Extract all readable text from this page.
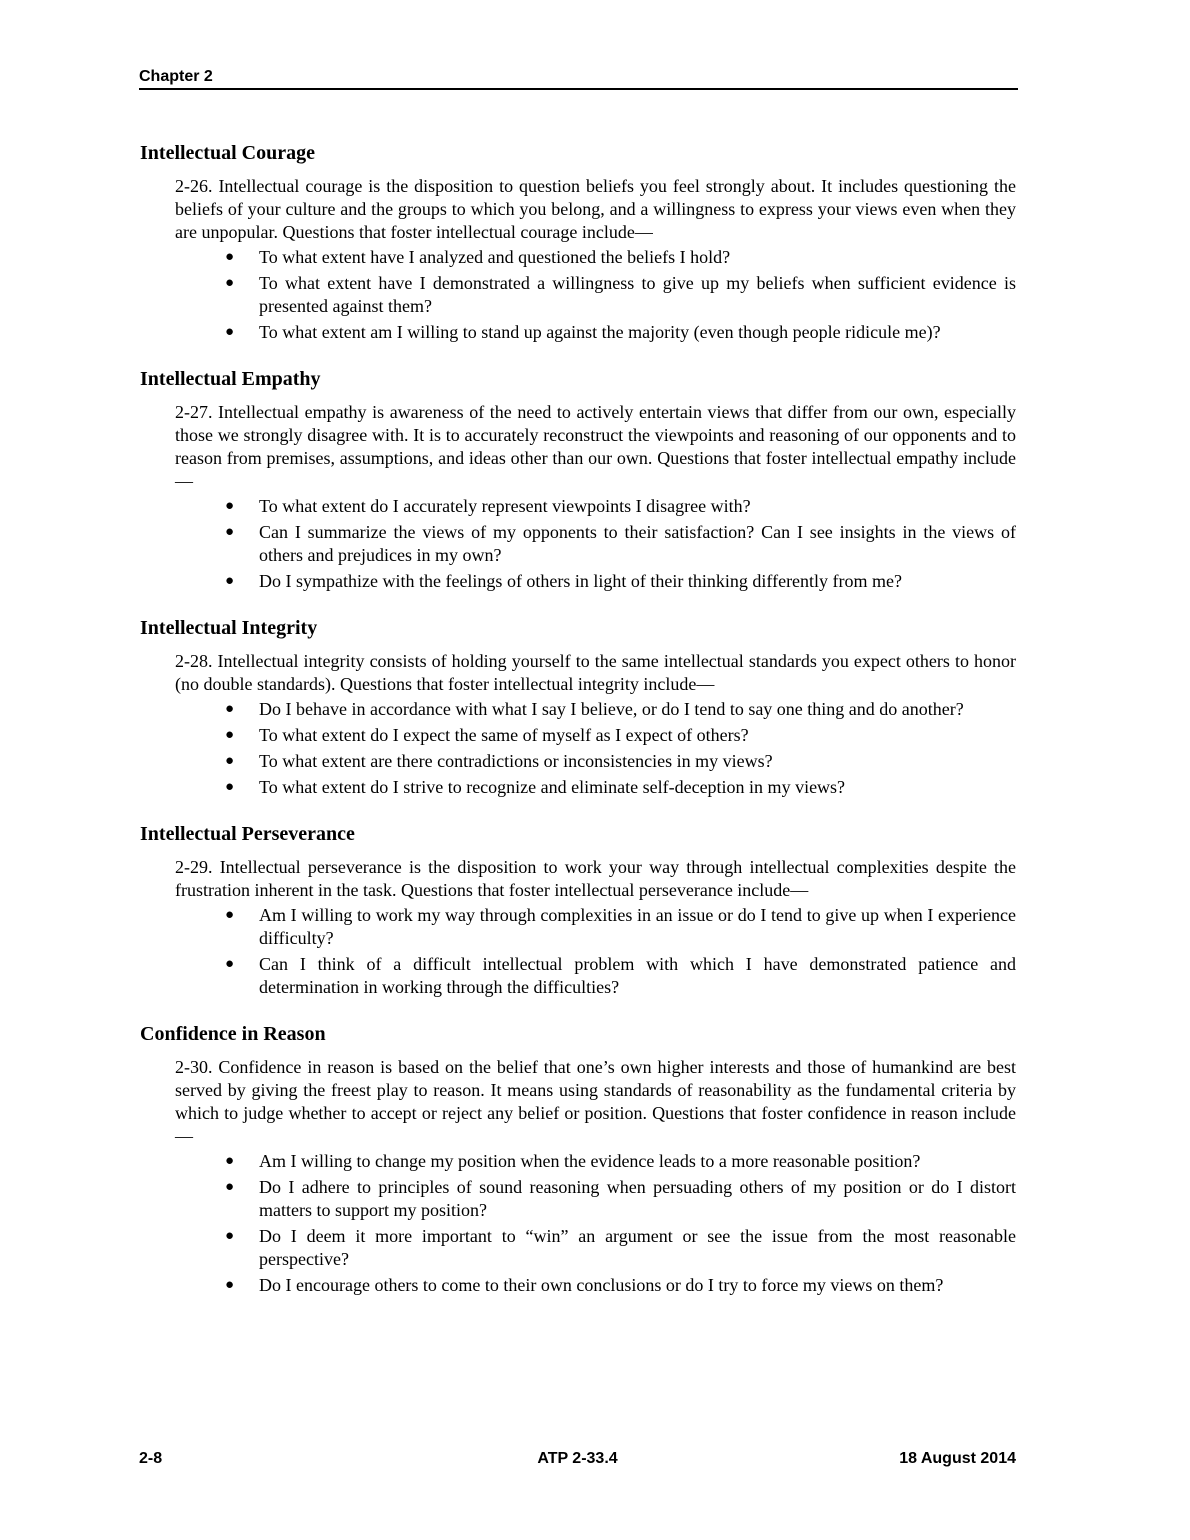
Chapter 2
Intellectual Courage

2-26. Intellectual courage is the disposition to question beliefs you feel strongly about. It includes questioning the beliefs of your culture and the groups to which you belong, and a willingness to express your views even when they are unpopular. Questions that foster intellectual courage include—

● To what extent have I analyzed and questioned the beliefs I hold?
● To what extent have I demonstrated a willingness to give up my beliefs when sufficient evidence is presented against them?
● To what extent am I willing to stand up against the majority (even though people ridicule me)?
Intellectual Empathy

2-27. Intellectual empathy is awareness of the need to actively entertain views that differ from our own, especially those we strongly disagree with. It is to accurately reconstruct the viewpoints and reasoning of our opponents and to reason from premises, assumptions, and ideas other than our own. Questions that foster intellectual empathy include—

● To what extent do I accurately represent viewpoints I disagree with?
● Can I summarize the views of my opponents to their satisfaction? Can I see insights in the views of others and prejudices in my own?
● Do I sympathize with the feelings of others in light of their thinking differently from me?
Intellectual Integrity

2-28. Intellectual integrity consists of holding yourself to the same intellectual standards you expect others to honor (no double standards). Questions that foster intellectual integrity include—

● Do I behave in accordance with what I say I believe, or do I tend to say one thing and do another?
● To what extent do I expect the same of myself as I expect of others?
● To what extent are there contradictions or inconsistencies in my views?
● To what extent do I strive to recognize and eliminate self-deception in my views?
Intellectual Perseverance

2-29. Intellectual perseverance is the disposition to work your way through intellectual complexities despite the frustration inherent in the task. Questions that foster intellectual perseverance include—

● Am I willing to work my way through complexities in an issue or do I tend to give up when I experience difficulty?
● Can I think of a difficult intellectual problem with which I have demonstrated patience and determination in working through the difficulties?
Confidence in Reason

2-30. Confidence in reason is based on the belief that one’s own higher interests and those of humankind are best served by giving the freest play to reason. It means using standards of reasonability as the fundamental criteria by which to judge whether to accept or reject any belief or position. Questions that foster confidence in reason include—

● Am I willing to change my position when the evidence leads to a more reasonable position?
● Do I adhere to principles of sound reasoning when persuading others of my position or do I distort matters to support my position?
● Do I deem it more important to “win” an argument or see the issue from the most reasonable perspective?
● Do I encourage others to come to their own conclusions or do I try to force my views on them?
2-8	ATP 2-33.4	18 August 2014
